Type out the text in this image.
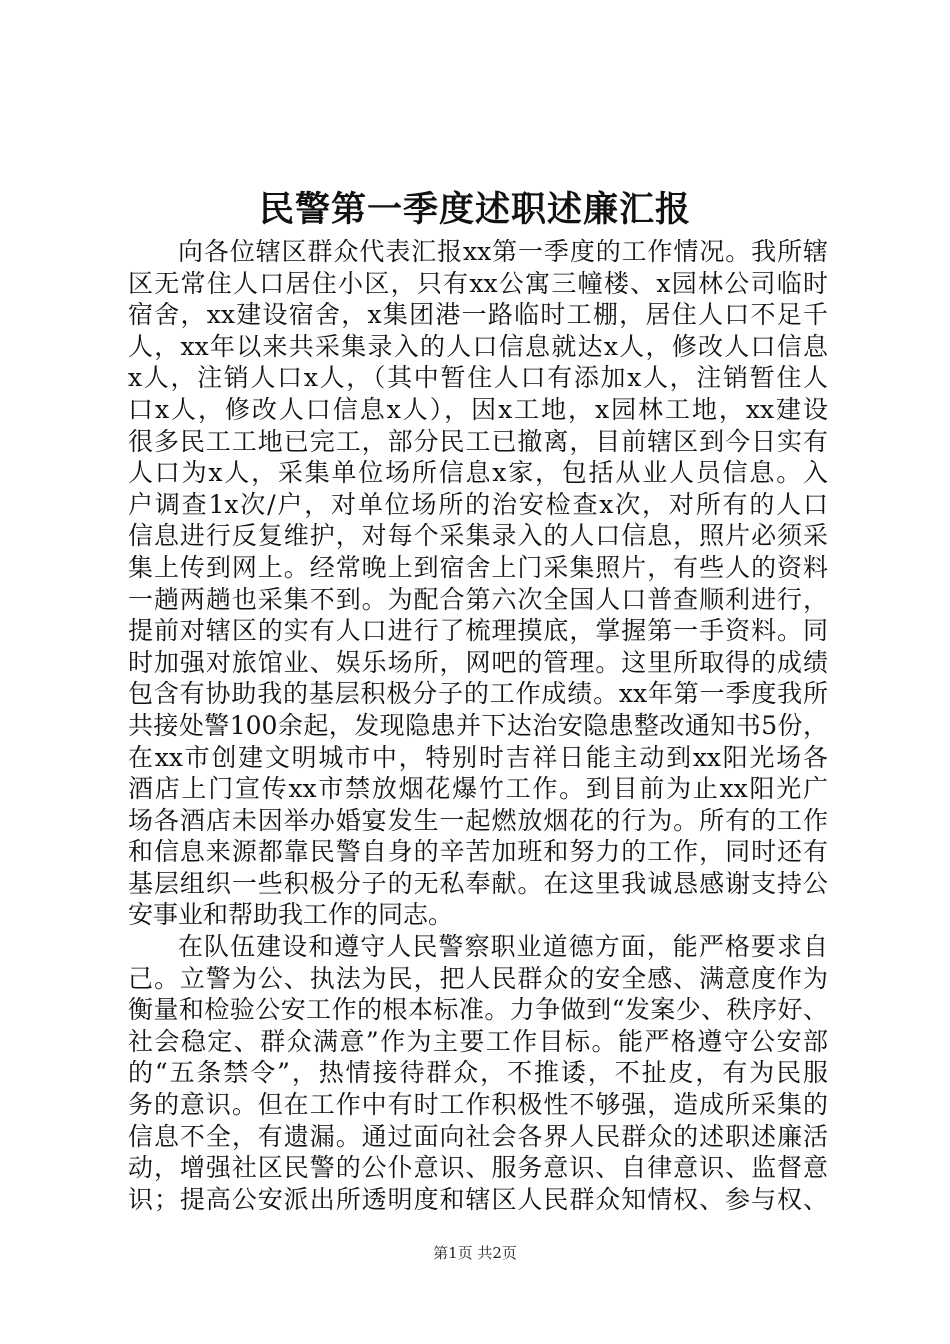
民警第一季度述职述廉汇报
向各位辖区群众代表汇报xx第一季度的工作情况。我所辖
区无常住人口居住小区，只有xx公寓三幢楼、x园林公司临时
宿舍，xx建设宿舍，x集团港一路临时工棚，居住人口不足千
人，xx年以来共采集录入的人口信息就达x人，修改人口信息
x人，注销人口x人，（其中暂住人口有添加x人，注销暂住人
口x人，修改人口信息x人），因x工地，x园林工地，xx建设
很多民工工地已完工，部分民工已撤离，目前辖区到今日实有
人口为x人，采集单位场所信息x家，包括从业人员信息。入
户调查1x次/户，对单位场所的治安检查x次，对所有的人口
信息进行反复维护，对每个采集录入的人口信息，照片必须采
集上传到网上。经常晚上到宿舍上门采集照片，有些人的资料
一趟两趟也采集不到。为配合第六次全国人口普查顺利进行，
提前对辖区的实有人口进行了梳理摸底，掌握第一手资料。同
时加强对旅馆业、娱乐场所，网吧的管理。这里所取得的成绩
包含有协助我的基层积极分子的工作成绩。xx年第一季度我所
共接处警100余起，发现隐患并下达治安隐患整改通知书5份，
在xx市创建文明城市中，特别时吉祥日能主动到xx阳光场各
酒店上门宣传xx市禁放烟花爆竹工作。到目前为止xx阳光广
场各酒店未因举办婚宴发生一起燃放烟花的行为。所有的工作
和信息来源都靠民警自身的辛苦加班和努力的工作，同时还有
基层组织一些积极分子的无私奉献。在这里我诚恳感谢支持公
安事业和帮助我工作的同志。
在队伍建设和遵守人民警察职业道德方面，能严格要求自
己。立警为公、执法为民，把人民群众的安全感、满意度作为
衡量和检验公安工作的根本标准。力争做到“发案少、秩序好、
社会稳定、群众满意”作为主要工作目标。能严格遵守公安部
的“五条禁令”，热情接待群众，不推诿，不扯皮，有为民服
务的意识。但在工作中有时工作积极性不够强，造成所采集的
信息不全，有遗漏。通过面向社会各界人民群众的述职述廉活
动，增强社区民警的公仆意识、服务意识、自律意识、监督意
识；提高公安派出所透明度和辖区人民群众知情权、参与权、
第1页 共2页
